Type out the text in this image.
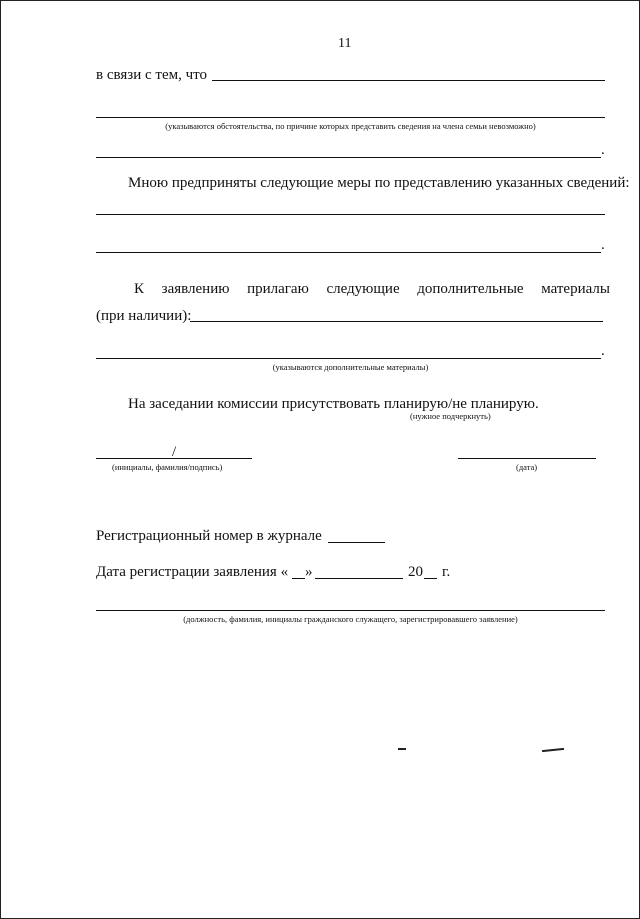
11
в связи с тем, что
(указываются обстоятельства, по причине которых представить сведения на члена семьи невозможно)
.
Мною предприняты следующие меры по представлению указанных сведений:
.
К заявлению прилагаю следующие дополнительные материалы
(при наличии):
.
(указываются дополнительные материалы)
На заседании комиссии присутствовать планирую/не планирую.
(нужное подчеркнуть)
/
(инициалы, фамилия/подпись)	(дата)
Регистрационный номер в журнале
Дата регистрации заявления « »	20 г.
(должность, фамилия, инициалы гражданского служащего, зарегистрировавшего заявление)
